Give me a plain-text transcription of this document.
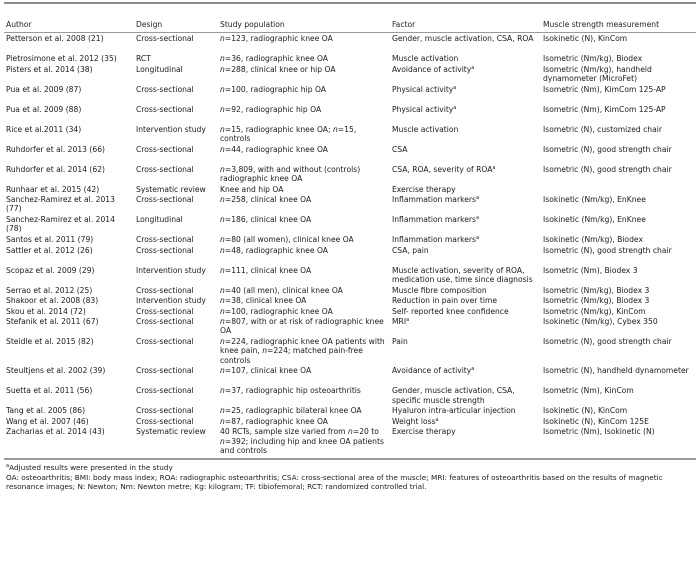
Author	Design	Study population	Factor	Muscle strength measurement
Petterson et al. 2008 (21)	Cross-sectional	n=123, radiographic knee OA	Gender, muscle activation, CSA, ROA	Isokinetic (N), KinCom
Pietrosimone et al. 2012 (35)	RCT	n=36, radiographic knee OA	Muscle activation	Isometric (Nm/kg), Biodex
Pisters et al. 2014 (38)	Longitudinal	n=288, clinical knee or hip OA	Avoidance of activity$^a$	Isometric (Nm/kg), handheld dynamometer (MicroFet)
Pua et al. 2009 (87)	Cross-sectional	n=100, radiographic hip OA	Physical activity$^a$	Isometric (Nm), KimCom 125-AP
Pua et al. 2009 (88)	Cross-sectional	n=92, radiographic hip OA	Physical activity$^a$	Isometric (Nm), KimCom 125-AP
Rice et al.2011 (34)	Intervention study	n=15, radiographic knee OA; n=15, controls	Muscle activation	Isometric (N), customized chair
Ruhdorfer et al. 2013 (66)	Cross-sectional	n=44, radiographic knee OA	CSA	Isometric (N), good strength chair
Ruhdorfer et al. 2014 (62)	Cross-sectional	n=3,809, with and without (controls) radiographic knee OA	CSA, ROA, severity of ROA$^a$	Isometric (N), good strength chair
Runhaar et al. 2015 (42)	Systematic review	Knee and hip OA	Exercise therapy	
Sanchez-Ramirez et al. 2013 (77)	Cross-sectional	n=258, clinical knee OA	Inflammation markers$^a$	Isokinetic (Nm/kg), EnKnee
Sanchez-Ramirez et al. 2014 (78)	Longitudinal	n=186, clinical knee OA	Inflammation markers$^a$	Isokinetic (Nm/kg), EnKnee
Santos et al. 2011 (79)	Cross-sectional	n=80 (all women), clinical knee OA	Inflammation markers$^a$	Isokinetic (Nm/kg), Biodex
Sattler et al. 2012 (26)	Cross-sectional	n=48, radiographic knee OA	CSA, pain	Isometric (N), good strength chair
Scopaz et al. 2009 (29)	Intervention study	n=111, clinical knee OA	Muscle activation, severity of ROA, medication use, time since diagnosis	Isometric (Nm), Biodex 3
Serrao et al. 2012 (25)	Cross-sectional	n=40 (all men), clinical knee OA	Muscle fibre composition	Isometric (Nm/kg), Biodex 3
Shakoor et al. 2008 (83)	Intervention study	n=38, clinical knee OA	Reduction in pain over time	Isometric (Nm/kg), Biodex 3
Skou et al. 2014 (72)	Cross-sectional	n=100, radiographic knee OA	Self- reported knee confidence	Isometric (Nm/kg), KinCom
Stefanik et al. 2011 (67)	Cross-sectional	n=807, with or at risk of radiographic knee OA	MRI$^a$	Isokinetic (Nm/kg), Cybex 350
Steidle et al. 2015 (82)	Cross-sectional	n=224, radiographic knee OA patients with knee pain, n=224; matched pain-free controls	Pain	Isometric (N), good strength chair
Steultjens et al. 2002 (39)	Cross-sectional	n=107, clinical knee OA	Avoidance of activity$^a$	Isometric (N), handheld dynamometer
Suetta et al. 2011 (56)	Cross-sectional	n=37, radiographic hip osteoarthritis	Gender, muscle activation, CSA, specific muscle strength	Isometric (Nm), KinCom
Tang et al. 2005 (86)	Cross-sectional	n=25, radiographic bilateral knee OA	Hyaluron intra-articular injection	Isokinetic (N), KinCom
Wang et al. 2007 (46)	Cross-sectional	n=87, radiographic knee OA	Weight loss$^a$	Isokinetic (N), KinCom 125E
Zacharias et al. 2014 (43)	Systematic review	40 RCTs, sample size varied from n=20 to n=392; including hip and knee OA patients and controls	Exercise therapy	Isometric (Nm), Isokinetic (N)
$^a$Adjusted results were presented in the study
OA: osteoarthritis; BMI: body mass index; ROA: radiographic osteoarthritis; CSA: cross-sectional area of the muscle; MRI: features of osteoarthritis based on the results of magnetic resonance images; N: Newton; Nm: Newton metre; Kg: kilogram; TF: tibiofemoral; RCT: randomized controlled trial.
